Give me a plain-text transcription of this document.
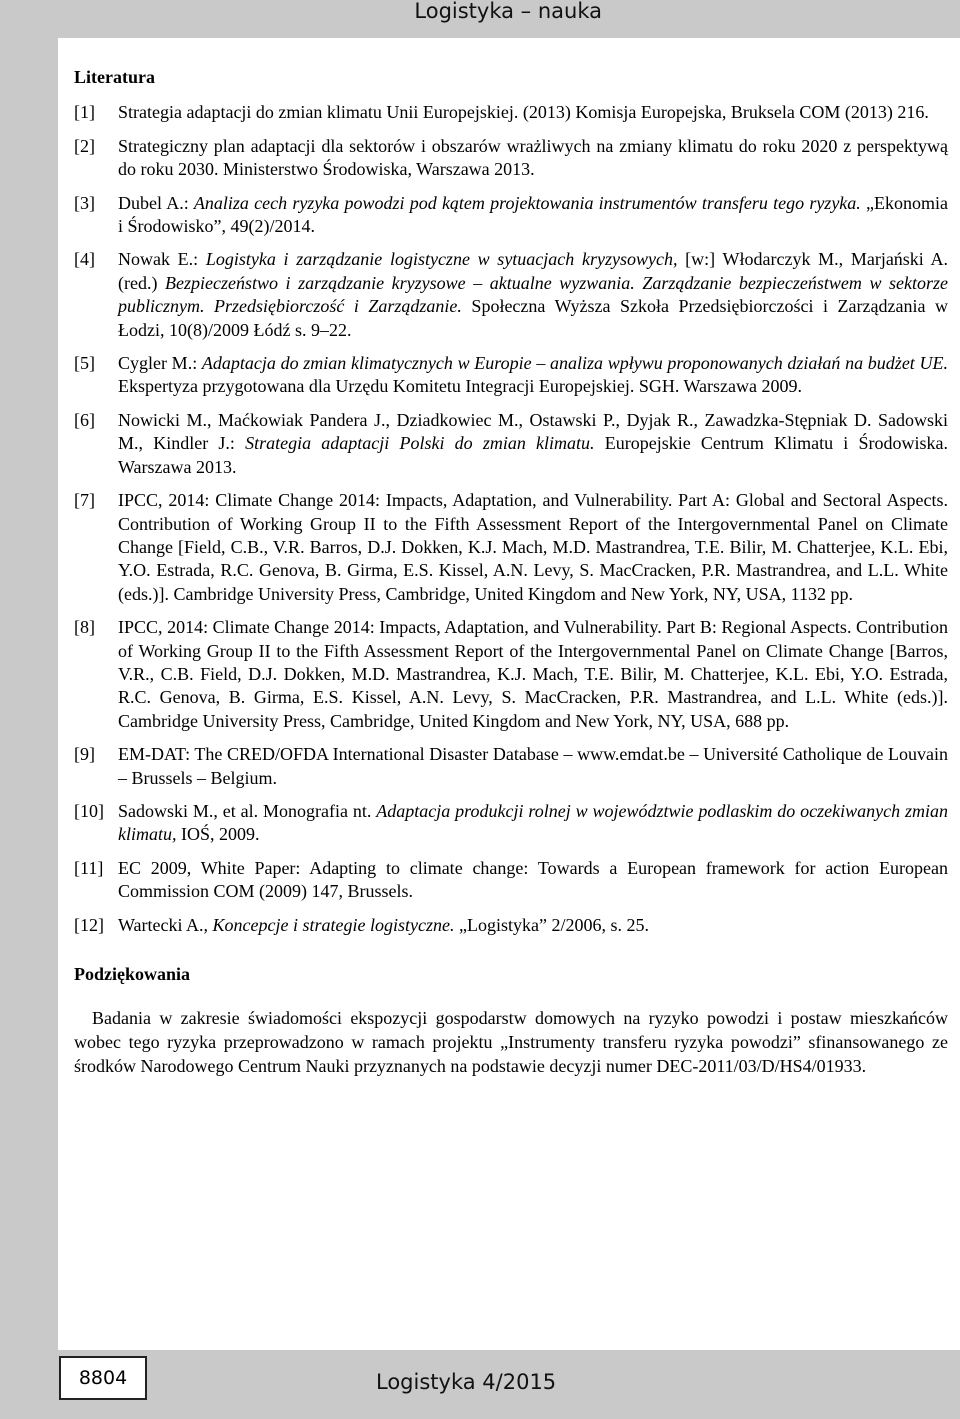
Logistyka – nauka
Literatura
[1]	Strategia adaptacji do zmian klimatu Unii Europejskiej. (2013) Komisja Europejska, Bruksela COM (2013) 216.
[2]	Strategiczny plan adaptacji dla sektorów i obszarów wrażliwych na zmiany klimatu do roku 2020 z perspektywą do roku 2030. Ministerstwo Środowiska, Warszawa 2013.
[3]	Dubel A.: Analiza cech ryzyka powodzi pod kątem projektowania instrumentów transferu tego ryzyka. „Ekonomia i Środowisko”, 49(2)/2014.
[4]	Nowak E.: Logistyka i zarządzanie logistyczne w sytuacjach kryzysowych, [w:] Włodarczyk M., Marjański A. (red.) Bezpieczeństwo i zarządzanie kryzysowe – aktualne wyzwania. Zarządzanie bezpieczeństwem w sektorze publicznym. Przedsiębiorczość i Zarządzanie. Społeczna Wyższa Szkoła Przedsiębiorczości i Zarządzania w Łodzi, 10(8)/2009 Łódź s. 9–22.
[5]	Cygler M.: Adaptacja do zmian klimatycznych w Europie – analiza wpływu proponowanych działań na budżet UE. Ekspertyza przygotowana dla Urzędu Komitetu Integracji Europejskiej. SGH. Warszawa 2009.
[6]	Nowicki M., Maćkowiak Pandera J., Dziadkowiec M., Ostawski P., Dyjak R., Zawadzka-Stępniak D. Sadowski M., Kindler J.: Strategia adaptacji Polski do zmian klimatu. Europejskie Centrum Klimatu i Środowiska. Warszawa 2013.
[7]	IPCC, 2014: Climate Change 2014: Impacts, Adaptation, and Vulnerability. Part A: Global and Sectoral Aspects. Contribution of Working Group II to the Fifth Assessment Report of the Intergovernmental Panel on Climate Change [Field, C.B., V.R. Barros, D.J. Dokken, K.J. Mach, M.D. Mastrandrea, T.E. Bilir, M. Chatterjee, K.L. Ebi, Y.O. Estrada, R.C. Genova, B. Girma, E.S. Kissel, A.N. Levy, S. MacCracken, P.R. Mastrandrea, and L.L. White (eds.)]. Cambridge University Press, Cambridge, United Kingdom and New York, NY, USA, 1132 pp.
[8]	IPCC, 2014: Climate Change 2014: Impacts, Adaptation, and Vulnerability. Part B: Regional Aspects. Contribution of Working Group II to the Fifth Assessment Report of the Intergovernmental Panel on Climate Change [Barros, V.R., C.B. Field, D.J. Dokken, M.D. Mastrandrea, K.J. Mach, T.E. Bilir, M. Chatterjee, K.L. Ebi, Y.O. Estrada, R.C. Genova, B. Girma, E.S. Kissel, A.N. Levy, S. MacCracken, P.R. Mastrandrea, and L.L. White (eds.)]. Cambridge University Press, Cambridge, United Kingdom and New York, NY, USA, 688 pp.
[9]	EM-DAT: The CRED/OFDA International Disaster Database – www.emdat.be – Université Catholique de Louvain – Brussels – Belgium.
[10] Sadowski M., et al. Monografia nt. Adaptacja produkcji rolnej w województwie podlaskim do oczekiwanych zmian klimatu, IOŚ, 2009.
[11] EC 2009, White Paper: Adapting to climate change: Towards a European framework for action European Commission COM (2009) 147, Brussels.
[12] Wartecki A., Koncepcje i strategie logistyczne. „Logistyka” 2/2006, s. 25.
Podziękowania
Badania w zakresie świadomości ekspozycji gospodarstw domowych na ryzyko powodzi i postaw mieszkańców wobec tego ryzyka przeprowadzono w ramach projektu „Instrumenty transferu ryzyka powodzi” sfinansowanego ze środków Narodowego Centrum Nauki przyznanych na podstawie decyzji numer DEC-2011/03/D/HS4/01933.
8804	Logistyka 4/2015
